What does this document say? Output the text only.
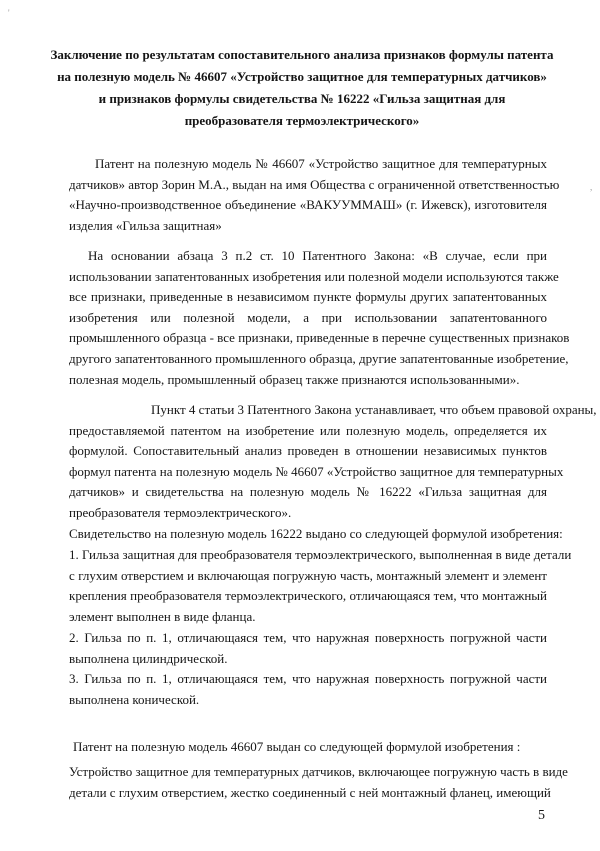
'
,
Заключение по результатам сопоставительного анализа признаков формулы патента
на полезную модель № 46607 «Устройство защитное для температурных датчиков»
и признаков формулы свидетельства № 16222 «Гильза защитная для
преобразователя термоэлектрического»
Патент на полезную модель № 46607 «Устройство защитное для температурных
датчиков» автор Зорин М.А., выдан на имя Общества с ограниченной ответственностью
«Научно-производственное объединение «ВАКУУММАШ» (г. Ижевск), изготовителя
изделия «Гильза защитная»
На основании абзаца 3 п.2 ст. 10 Патентного Закона: «В случае, если при
использовании запатентованных изобретения или полезной модели используются также
все признаки, приведенные в независимом пункте формулы других запатентованных
изобретения или полезной модели, а при использовании запатентованного
промышленного образца - все признаки, приведенные в перечне существенных признаков
другого запатентованного промышленного образца, другие запатентованные изобретение,
полезная модель, промышленный образец также признаются использованными».
Пункт 4 статьи 3 Патентного Закона устанавливает, что объем правовой охраны,
предоставляемой патентом на изобретение или полезную модель, определяется их
формулой. Сопоставительный анализ проведен в отношении независимых пунктов
формул патента на полезную модель № 46607 «Устройство защитное для температурных
датчиков» и свидетельства на полезную модель № 16222 «Гильза защитная для
преобразователя термоэлектрического».
Свидетельство на полезную модель 16222 выдано со следующей формулой изобретения:
1. Гильза защитная для преобразователя термоэлектрического, выполненная в виде детали
с глухим отверстием и включающая погружную часть, монтажный элемент и элемент
крепления преобразователя термоэлектрического, отличающаяся тем, что монтажный
элемент выполнен в виде фланца.
2. Гильза по п. 1, отличающаяся тем, что наружная поверхность погружной части
выполнена цилиндрической.
3. Гильза по п. 1, отличающаяся тем, что наружная поверхность погружной части
выполнена конической.
Патент на полезную модель 46607 выдан со следующей формулой изобретения :
Устройство защитное для температурных датчиков, включающее погружную часть в виде
детали с глухим отверстием, жестко соединенный с ней монтажный фланец, имеющий
5
